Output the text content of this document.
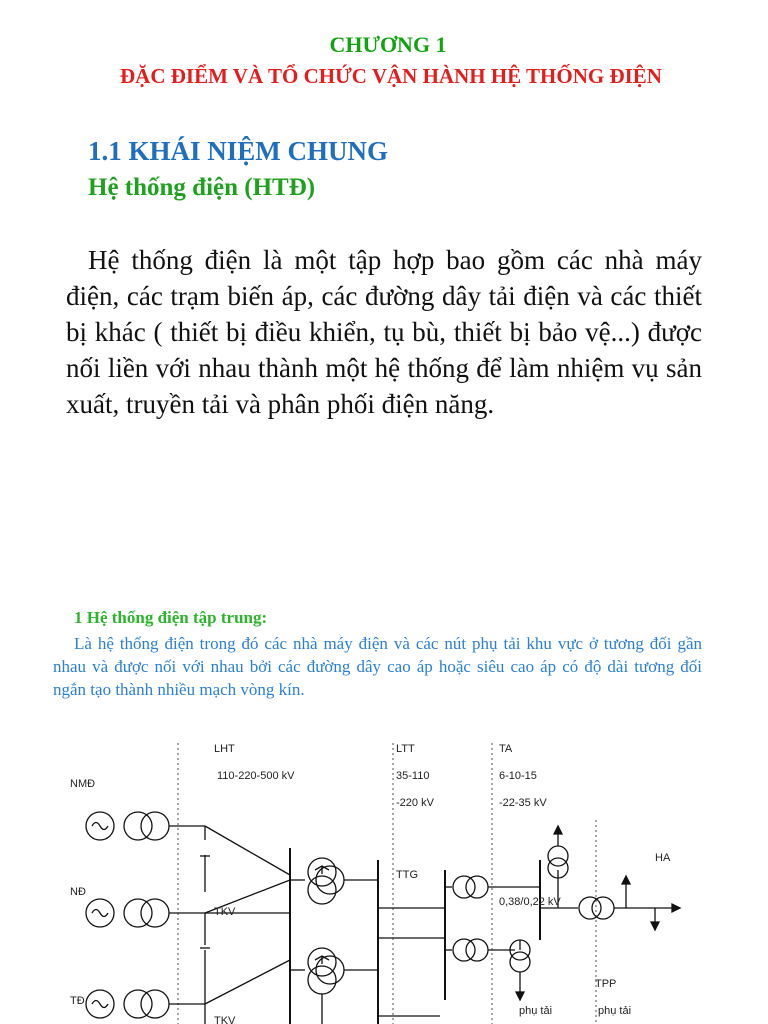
CHƯƠNG 1
ĐẶC ĐIỂM VÀ TỔ CHỨC VẬN HÀNH HỆ THỐNG ĐIỆN
1.1 KHÁI NIỆM CHUNG
Hệ thống điện (HTĐ)
Hệ thống điện là một tập hợp bao gồm các nhà máy điện, các trạm biến áp, các đường dây tải điện và các thiết bị khác ( thiết bị điều khiển, tụ bù, thiết bị bảo vệ...) được nối liền với nhau thành một hệ thống để làm nhiệm vụ sản xuất, truyền tải và phân phối điện năng.
1 Hệ thống điện tập trung:
Là hệ thống điện trong đó các nhà máy điện và các nút phụ tải khu vực ở tương đối gần nhau và được nối với nhau bởi các đường dây cao áp hoặc siêu cao áp có độ dài tương đối ngắn tạo thành nhiều mạch vòng kín.
LHT
110-220-500 kV
LTT
35-110
-220 kV
TA
6-10-15
-22-35 kV
NMĐ
NĐ
TĐ
TKV
TKV
TTG
HA
0,38/0,22 kV
TPP
phụ tải	phụ tải
